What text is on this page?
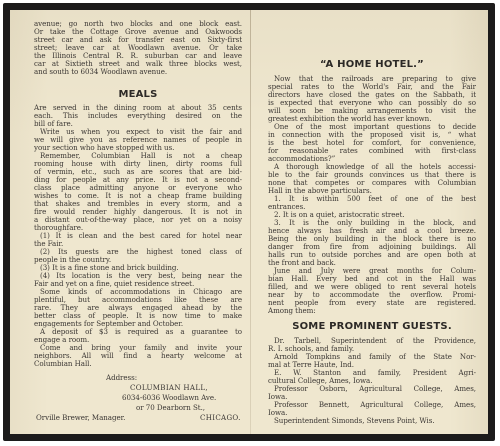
avenue; go north two blocks and one block east.
Or take the Cottage Grove avenue and Oakwoods
street car and ask for transfer east on Sixty-first
street; leave car at Woodlawn avenue. Or take
the Illinois Central R. R. suburban car and leave
car at Sixtieth street and walk three blocks west,
and south to 6034 Woodlawn avenue.
MEALS
Are served in the dining room at about 35 cents
each. This includes everything desired on the
bill of fare.
Write us when you expect to visit the fair and
we will give you as reference names of people in
your section who have stopped with us.
Remember, Columbian Hall is not a cheap
rooming house with dirty linen, dirty rooms full
of vermin, etc., such as are scores that are bid-
ding for people at any price. It is not a second-
class place admitting anyone or everyone who
wishes to come. It is not a cheap frame building
that shakes and trembles in every storm, and a
fire would render highly dangerous. It is not in
a distant out-of-the-way place, nor yet on a noisy
thoroughfare.
(1) It is clean and the best cared for hotel near
the Fair.
(2) Its guests are the highest toned class of
people in the country.
(3) It is a fine stone and brick building.
(4) Its location is the very best, being near the
Fair and yet on a fine, quiet residence street.
Some kinds of accommodations in Chicago are
plentiful, but accommodations like these are
rare. They are always engaged ahead by the
better class of people. It is now time to make
engagements for September and October.
A deposit of $3 is required as a guarantee to
engage a room.
Come and bring your family and invite your
neighbors. All will find a hearty welcome at
Columbian Hall.
Address:
COLUMBIAN HALL,
6034-6036 Woodlawn Ave.
or 70 Dearborn St.,
Orville Brewer, Manager.	CHICAGO.
“A HOME HOTEL.”
Now that the railroads are preparing to give
special rates to the World's Fair, and the Fair
directors have closed the gates on the Sabbath, it
is expected that everyone who can possibly do so
will soon be making arrangements to visit the
greatest exhibition the world has ever known.
One of the most important questions to decide
in connection with the proposed visit is, “ what
is the best hotel for comfort, for convenience,
for reasonable rates combined with first-class
accommodations?”
A thorough knowledge of all the hotels accessi-
ble to the fair grounds convinces us that there is
none that competes or compares with Columbian
Hall in the above particulars.
1. It is within 500 feet of one of the best
entrances.
2. It is on a quiet, aristocratic street.
3. It is the only building in the block, and
hence always has fresh air and a cool breeze.
Being the only building in the block there is no
danger from fire from adjoining buildings. All
halls run to outside porches and are open both at
the front and back.
June and July were great months for Colum-
bian Hall. Every bed and cot in the Hall was
filled, and we were obliged to rent several hotels
near by to accommodate the overflow. Promi-
nent people from every state are registered.
Among them:
SOME PROMINENT GUESTS.
Dr. Tarbell, Superintendent of the Providence,
R. I. schools, and family.
Arnold Tompkins and family of the State Nor-
mal at Terre Haute, Ind.
E. W. Stanton and family, President Agri-
cultural College, Ames, Iowa.
Professor Osborn, Agricultural College, Ames,
Iowa.
Professor Bennett, Agricultural College, Ames,
Iowa.
Superintendent Simonds, Stevens Point, Wis.
